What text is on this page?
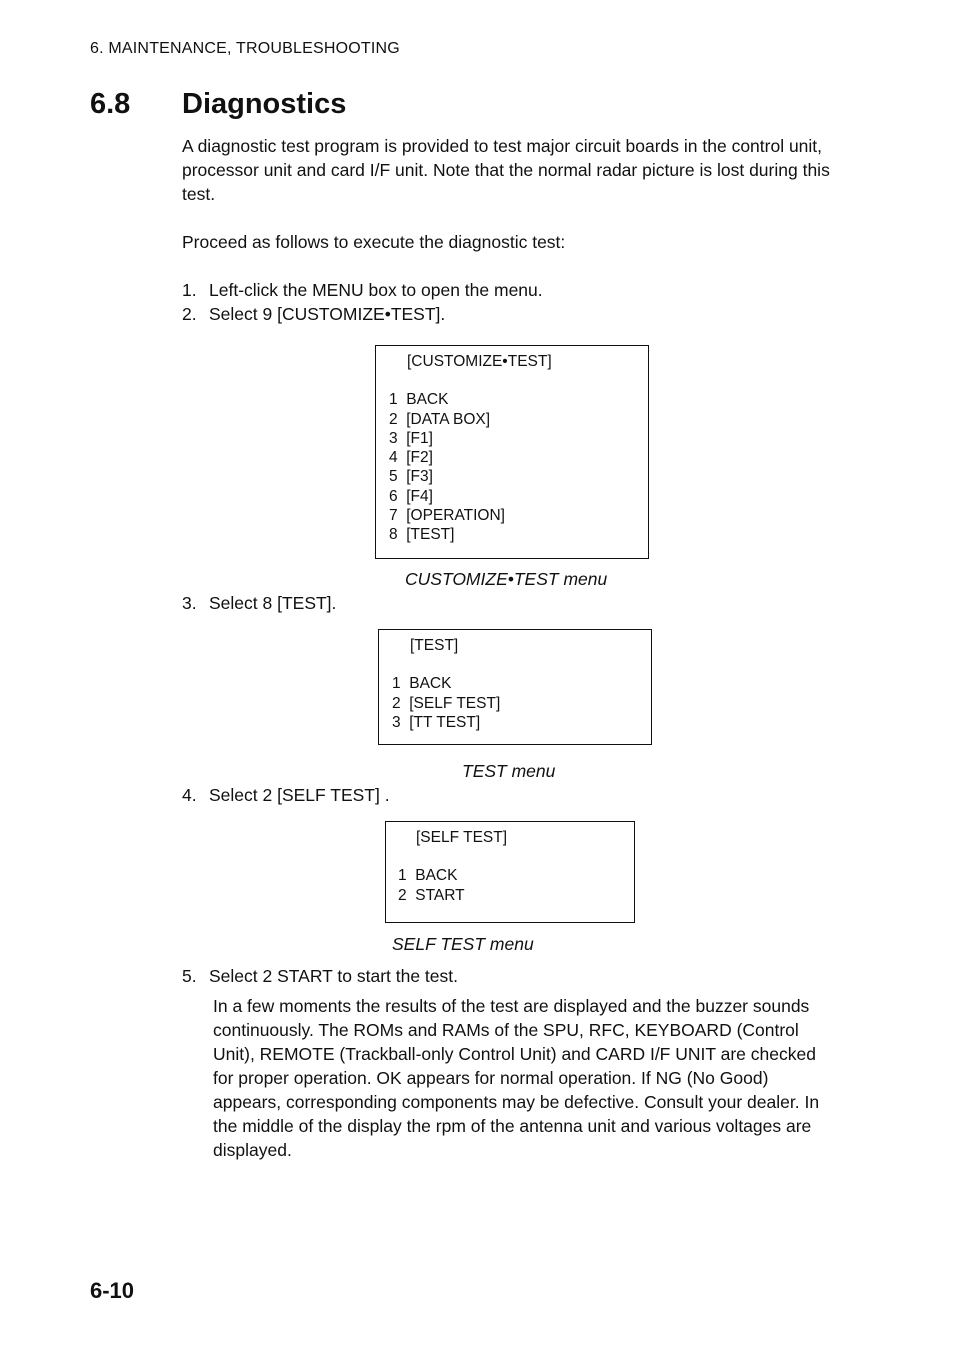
6. MAINTENANCE, TROUBLESHOOTING
6.8 Diagnostics
A diagnostic test program is provided to test major circuit boards in the control unit, processor unit and card I/F unit. Note that the normal radar picture is lost during this test.
Proceed as follows to execute the diagnostic test:
1. Left-click the MENU box to open the menu.
2. Select 9 [CUSTOMIZE•TEST].
[CUSTOMIZE•TEST]
1  BACK
2  [DATA BOX]
3  [F1]
4  [F2]
5  [F3]
6  [F4]
7  [OPERATION]
8  [TEST]
CUSTOMIZE•TEST menu
3. Select 8 [TEST].
[TEST]
1  BACK
2  [SELF TEST]
3  [TT TEST]
TEST menu
4. Select 2 [SELF TEST] .
[SELF TEST]
1  BACK
2  START
SELF TEST menu
5. Select 2 START to start the test.
In a few moments the results of the test are displayed and the buzzer sounds continuously. The ROMs and RAMs of the SPU, RFC, KEYBOARD (Control Unit), REMOTE (Trackball-only Control Unit) and CARD I/F UNIT are checked for proper operation. OK appears for normal operation. If NG (No Good) appears, corresponding components may be defective. Consult your dealer. In the middle of the display the rpm of the antenna unit and various voltages are displayed.
6-10
